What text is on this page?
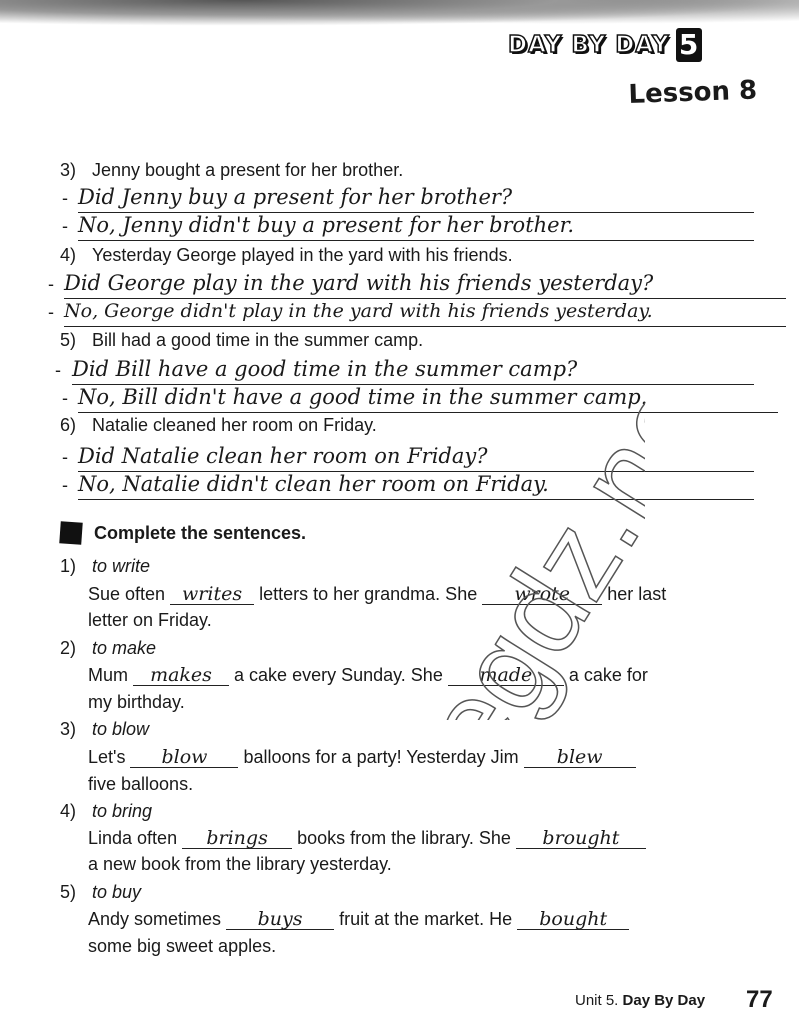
DAY BY DAY 5
Lesson 8
3) Jenny bought a present for her brother.
- Did Jenny buy a present for her brother?
- No, Jenny didn't buy a present for her brother.
4) Yesterday George played in the yard with his friends.
- Did George play in the yard with his friends yesterday?
- No, George didn't play in the yard with his friends yesterday.
5) Bill had a good time in the summer camp.
- Did Bill have a good time in the summer camp?
- No, Bill didn't have a good time in the summer camp.
6) Natalie cleaned her room on Friday.
- Did Natalie clean her room on Friday?
- No, Natalie didn't clean her room on Friday.
Complete the sentences.
1) to write
Sue often writes letters to her grandma. She wrote her last
letter on Friday.
2) to make
Mum makes a cake every Sunday. She made a cake for
my birthday.
3) to blow
Let's blow balloons for a party! Yesterday Jim blew
five balloons.
4) to bring
Linda often brings books from the library. She brought
a new book from the library yesterday.
5) to buy
Andy sometimes buys fruit at the market. He bought
some big sweet apples.
egdz.net
Unit 5. Day By Day 77
